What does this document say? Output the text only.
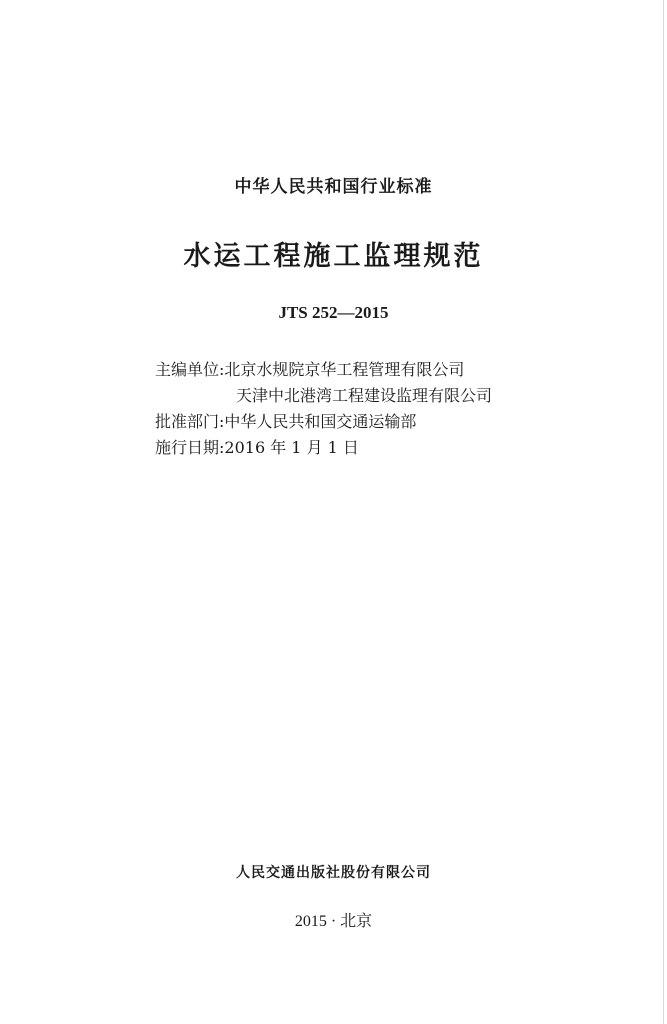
中华人民共和国行业标准
水运工程施工监理规范
JTS 252—2015
主编单位:北京水规院京华工程管理有限公司
天津中北港湾工程建设监理有限公司
批准部门:中华人民共和国交通运输部
施行日期:2016 年 1 月 1 日
人民交通出版社股份有限公司
2015 · 北京
